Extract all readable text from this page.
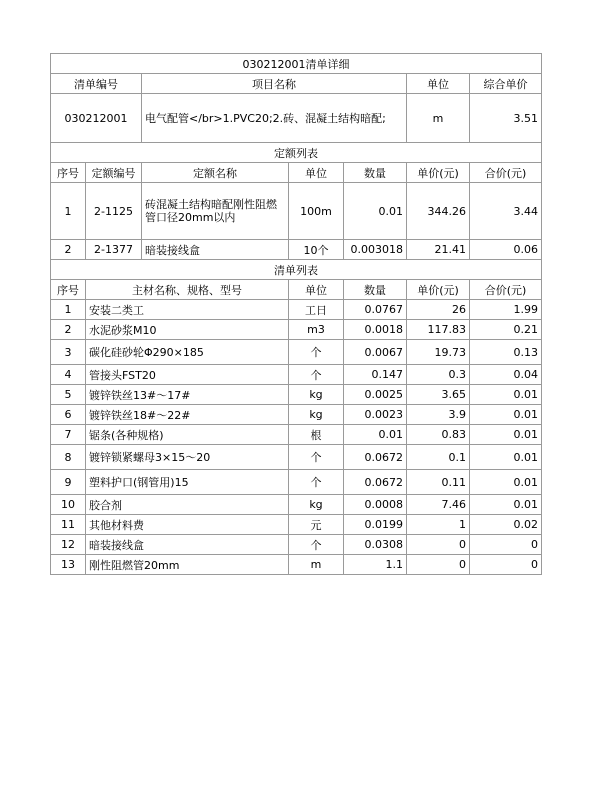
030212001清单详细						
清单编号		项目名称			单位	综合单价
030212001		电气配管</br>1.PVC20;2.砖、混凝土结构暗配;			m	3.51
定额列表						
序号	定额编号	定额名称	单位	数量	单价(元)	合价(元)
1	2-1125	砖混凝土结构暗配刚性阻燃管口径20mm以内	100m	0.01	344.26	3.44
2	2-1377	暗装接线盒	10个	0.003018	21.41	0.06
清单列表						
序号	主材名称、规格、型号		单位	数量	单价(元)	合价(元)
1	安装二类工		工日	0.0767	26	1.99
2	水泥砂浆M10		m3	0.0018	117.83	0.21
3	碳化硅砂轮Φ290×185		个	0.0067	19.73	0.13
4	管接头FST20		个	0.147	0.3	0.04
5	镀锌铁丝13#～17#		kg	0.0025	3.65	0.01
6	镀锌铁丝18#～22#		kg	0.0023	3.9	0.01
7	锯条(各种规格)		根	0.01	0.83	0.01
8	镀锌锁紧螺母3×15～20		个	0.0672	0.1	0.01
9	塑料护口(钢管用)15		个	0.0672	0.11	0.01
10	胶合剂		kg	0.0008	7.46	0.01
11	其他材料费		元	0.0199	1	0.02
12	暗装接线盒		个	0.0308	0	0
13	刚性阻燃管20mm		m	1.1	0	0
